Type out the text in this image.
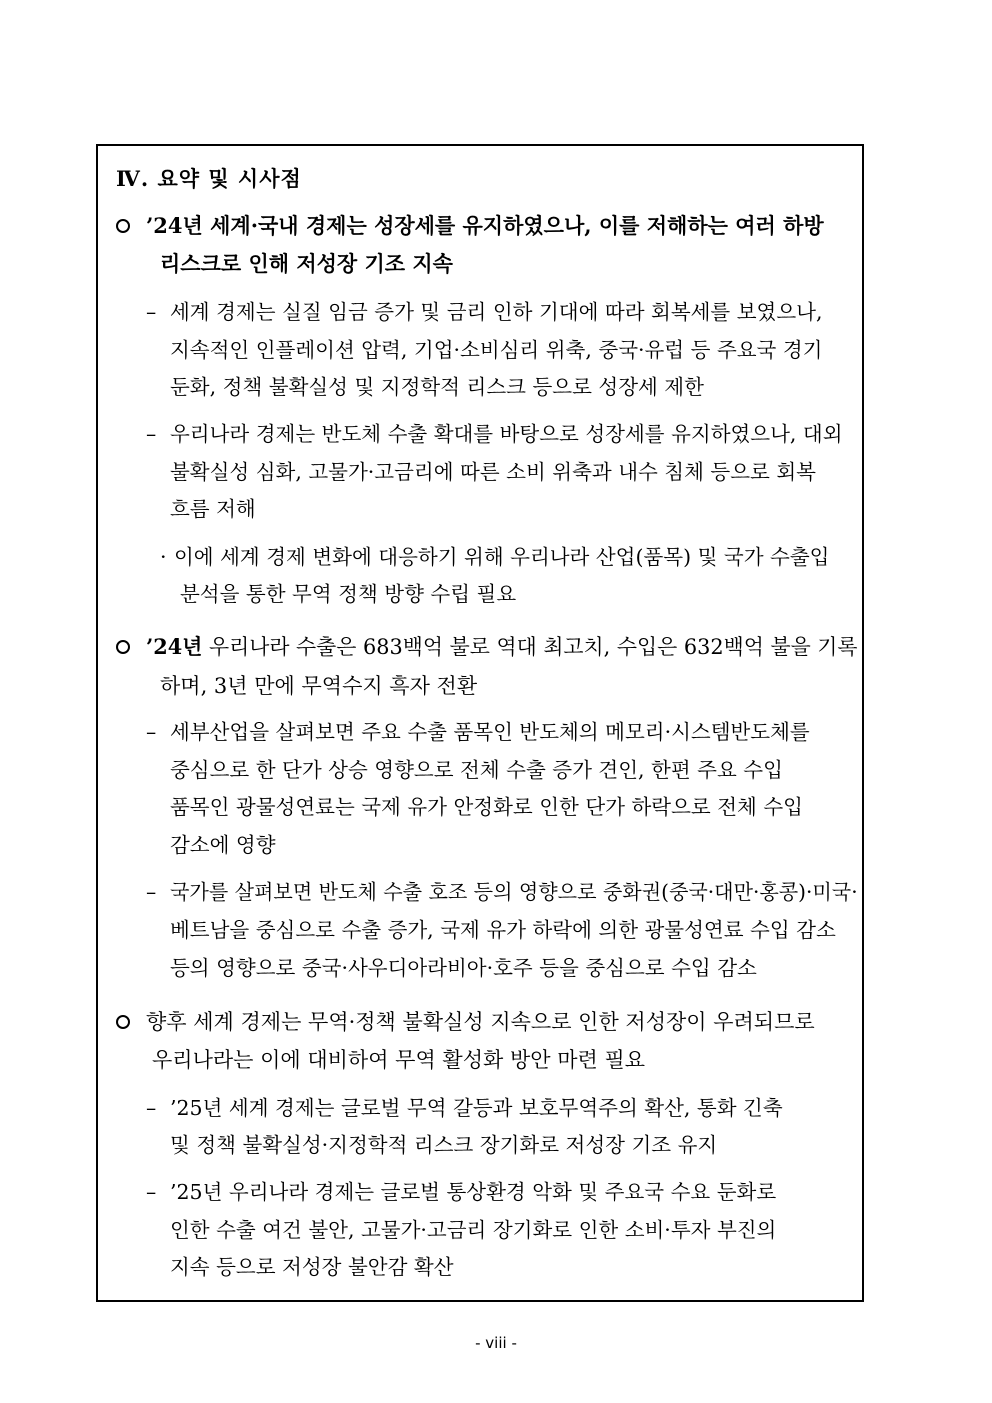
Ⅳ. 요약 및 시사점
’24년 세계·국내 경제는 성장세를 유지하였으나, 이를 저해하는 여러 하방
리스크로 인해 저성장 기조 지속
– 세계 경제는 실질 임금 증가 및 금리 인하 기대에 따라 회복세를 보였으나,
지속적인 인플레이션 압력, 기업·소비심리 위축, 중국·유럽 등 주요국 경기
둔화, 정책 불확실성 및 지정학적 리스크 등으로 성장세 제한
– 우리나라 경제는 반도체 수출 확대를 바탕으로 성장세를 유지하였으나, 대외
불확실성 심화, 고물가·고금리에 따른 소비 위축과 내수 침체 등으로 회복
흐름 저해
· 이에 세계 경제 변화에 대응하기 위해 우리나라 산업(품목) 및 국가 수출입
분석을 통한 무역 정책 방향 수립 필요
’24년 우리나라 수출은 683백억 불로 역대 최고치, 수입은 632백억 불을 기록
하며, 3년 만에 무역수지 흑자 전환
– 세부산업을 살펴보면 주요 수출 품목인 반도체의 메모리·시스템반도체를
중심으로 한 단가 상승 영향으로 전체 수출 증가 견인, 한편 주요 수입
품목인 광물성연료는 국제 유가 안정화로 인한 단가 하락으로 전체 수입
감소에 영향
– 국가를 살펴보면 반도체 수출 호조 등의 영향으로 중화권(중국·대만·홍콩)·미국·
베트남을 중심으로 수출 증가, 국제 유가 하락에 의한 광물성연료 수입 감소
등의 영향으로 중국·사우디아라비아·호주 등을 중심으로 수입 감소
향후 세계 경제는 무역·정책 불확실성 지속으로 인한 저성장이 우려되므로
우리나라는 이에 대비하여 무역 활성화 방안 마련 필요
– ’25년 세계 경제는 글로벌 무역 갈등과 보호무역주의 확산, 통화 긴축
및 정책 불확실성·지정학적 리스크 장기화로 저성장 기조 유지
– ’25년 우리나라 경제는 글로벌 통상환경 악화 및 주요국 수요 둔화로
인한 수출 여건 불안, 고물가·고금리 장기화로 인한 소비·투자 부진의
지속 등으로 저성장 불안감 확산
- viii -
